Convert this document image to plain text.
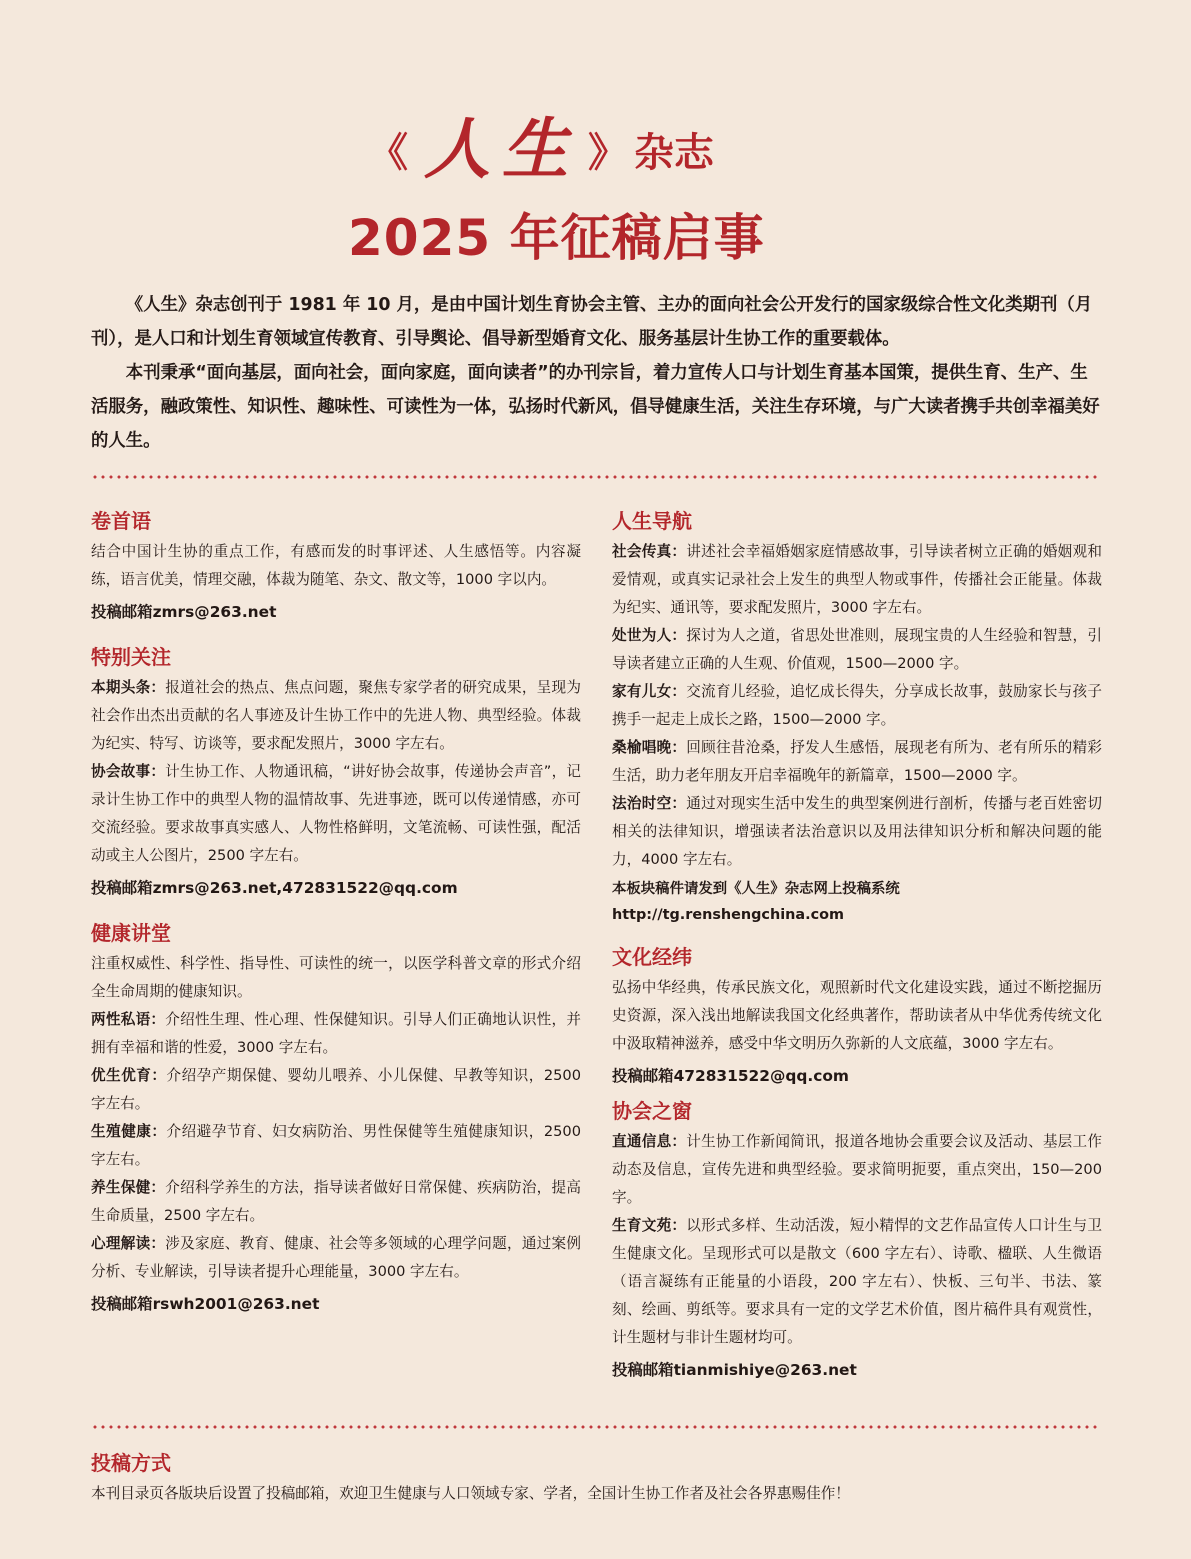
《 人生 》 杂志
2025 年征稿启事

《人生》杂志创刊于 1981 年 10 月，是由中国计划生育协会主管、主办的面向社会公开发行的国家级综合性文化类期刊（月刊），是人口和计划生育领域宣传教育、引导舆论、倡导新型婚育文化、服务基层计生协工作的重要载体。

本刊秉承“面向基层，面向社会，面向家庭，面向读者”的办刊宗旨，着力宣传人口与计划生育基本国策，提供生育、生产、生活服务，融政策性、知识性、趣味性、可读性为一体，弘扬时代新风，倡导健康生活，关注生存环境，与广大读者携手共创幸福美好的人生。

卷首语
结合中国计生协的重点工作，有感而发的时事评述、人生感悟等。内容凝练，语言优美，情理交融，体裁为随笔、杂文、散文等，1000 字以内。
投稿邮箱zmrs@263.net
特别关注
本期头条：报道社会的热点、焦点问题，聚焦专家学者的研究成果，呈现为社会作出杰出贡献的名人事迹及计生协工作中的先进人物、典型经验。体裁为纪实、特写、访谈等，要求配发照片，3000 字左右。
协会故事：计生协工作、人物通讯稿，“讲好协会故事，传递协会声音”，记录计生协工作中的典型人物的温情故事、先进事迹，既可以传递情感，亦可交流经验。要求故事真实感人、人物性格鲜明，文笔流畅、可读性强，配活动或主人公图片，2500 字左右。
投稿邮箱zmrs@263.net,472831522@qq.com
健康讲堂
注重权威性、科学性、指导性、可读性的统一，以医学科普文章的形式介绍全生命周期的健康知识。
两性私语：介绍性生理、性心理、性保健知识。引导人们正确地认识性，并拥有幸福和谐的性爱，3000 字左右。
优生优育：介绍孕产期保健、婴幼儿喂养、小儿保健、早教等知识，2500 字左右。
生殖健康：介绍避孕节育、妇女病防治、男性保健等生殖健康知识，2500 字左右。
养生保健：介绍科学养生的方法，指导读者做好日常保健、疾病防治，提高生命质量，2500 字左右。
心理解读：涉及家庭、教育、健康、社会等多领域的心理学问题，通过案例分析、专业解读，引导读者提升心理能量，3000 字左右。
投稿邮箱rswh2001@263.net
人生导航
社会传真：讲述社会幸福婚姻家庭情感故事，引导读者树立正确的婚姻观和爱情观，或真实记录社会上发生的典型人物或事件，传播社会正能量。体裁为纪实、通讯等，要求配发照片，3000 字左右。
处世为人：探讨为人之道，省思处世准则，展现宝贵的人生经验和智慧，引导读者建立正确的人生观、价值观，1500—2000 字。
家有儿女：交流育儿经验，追忆成长得失，分享成长故事，鼓励家长与孩子携手一起走上成长之路，1500—2000 字。
桑榆唱晚：回顾往昔沧桑，抒发人生感悟，展现老有所为、老有所乐的精彩生活，助力老年朋友开启幸福晚年的新篇章，1500—2000 字。
法治时空：通过对现实生活中发生的典型案例进行剖析，传播与老百姓密切相关的法律知识，增强读者法治意识以及用法律知识分析和解决问题的能力，4000 字左右。
本板块稿件请发到《人生》杂志网上投稿系统
http://tg.renshengchina.com
文化经纬
弘扬中华经典，传承民族文化，观照新时代文化建设实践，通过不断挖掘历史资源，深入浅出地解读我国文化经典著作，帮助读者从中华优秀传统文化中汲取精神滋养，感受中华文明历久弥新的人文底蕴，3000 字左右。
投稿邮箱472831522@qq.com
协会之窗
直通信息：计生协工作新闻简讯，报道各地协会重要会议及活动、基层工作动态及信息，宣传先进和典型经验。要求简明扼要，重点突出，150—200 字。
生育文苑：以形式多样、生动活泼，短小精悍的文艺作品宣传人口计生与卫生健康文化。呈现形式可以是散文（600 字左右）、诗歌、楹联、人生微语（语言凝练有正能量的小语段，200 字左右）、快板、三句半、书法、篆刻、绘画、剪纸等。要求具有一定的文学艺术价值，图片稿件具有观赏性，计生题材与非计生题材均可。
投稿邮箱tianmishiye@263.net
投稿方式
本刊目录页各版块后设置了投稿邮箱，欢迎卫生健康与人口领域专家、学者，全国计生协工作者及社会各界惠赐佳作！
